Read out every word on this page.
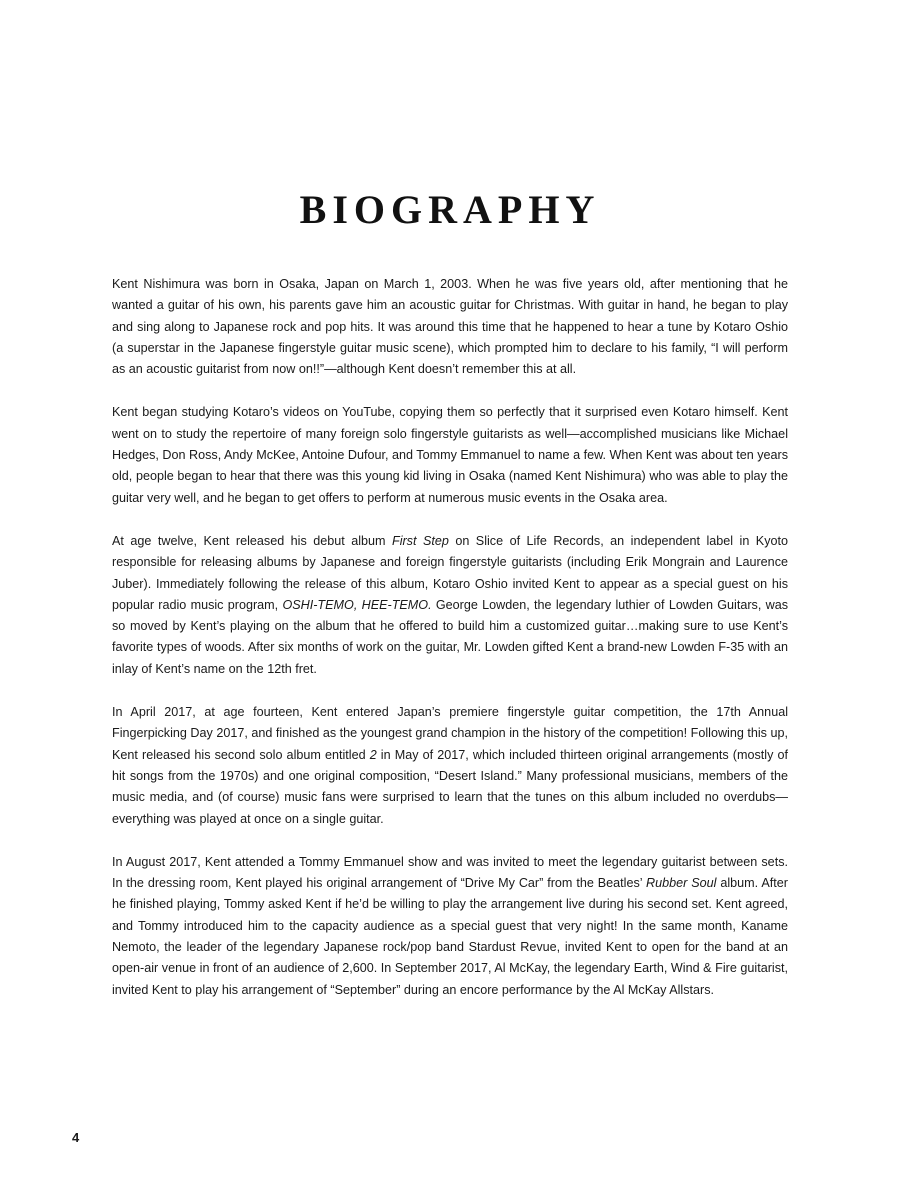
BIOGRAPHY

Kent Nishimura was born in Osaka, Japan on March 1, 2003. When he was five years old, after mentioning that he wanted a guitar of his own, his parents gave him an acoustic guitar for Christmas. With guitar in hand, he began to play and sing along to Japanese rock and pop hits. It was around this time that he happened to hear a tune by Kotaro Oshio (a superstar in the Japanese fingerstyle guitar music scene), which prompted him to declare to his family, “I will perform as an acoustic guitarist from now on!!”—although Kent doesn’t remember this at all.

Kent began studying Kotaro’s videos on YouTube, copying them so perfectly that it surprised even Kotaro himself. Kent went on to study the repertoire of many foreign solo fingerstyle guitarists as well—accomplished musicians like Michael Hedges, Don Ross, Andy McKee, Antoine Dufour, and Tommy Emmanuel to name a few. When Kent was about ten years old, people began to hear that there was this young kid living in Osaka (named Kent Nishimura) who was able to play the guitar very well, and he began to get offers to perform at numerous music events in the Osaka area.

At age twelve, Kent released his debut album First Step on Slice of Life Records, an independent label in Kyoto responsible for releasing albums by Japanese and foreign fingerstyle guitarists (including Erik Mongrain and Laurence Juber). Immediately following the release of this album, Kotaro Oshio invited Kent to appear as a special guest on his popular radio music program, OSHI-TEMO, HEE-TEMO. George Lowden, the legendary luthier of Lowden Guitars, was so moved by Kent’s playing on the album that he offered to build him a customized guitar…making sure to use Kent’s favorite types of woods. After six months of work on the guitar, Mr. Lowden gifted Kent a brand-new Lowden F-35 with an inlay of Kent’s name on the 12th fret.

In April 2017, at age fourteen, Kent entered Japan’s premiere fingerstyle guitar competition, the 17th Annual Fingerpicking Day 2017, and finished as the youngest grand champion in the history of the competition! Following this up, Kent released his second solo album entitled 2 in May of 2017, which included thirteen original arrangements (mostly of hit songs from the 1970s) and one original composition, “Desert Island.” Many professional musicians, members of the music media, and (of course) music fans were surprised to learn that the tunes on this album included no overdubs—everything was played at once on a single guitar.

In August 2017, Kent attended a Tommy Emmanuel show and was invited to meet the legendary guitarist between sets. In the dressing room, Kent played his original arrangement of “Drive My Car” from the Beatles’ Rubber Soul album. After he finished playing, Tommy asked Kent if he’d be willing to play the arrangement live during his second set. Kent agreed, and Tommy introduced him to the capacity audience as a special guest that very night! In the same month, Kaname Nemoto, the leader of the legendary Japanese rock/pop band Stardust Revue, invited Kent to open for the band at an open-air venue in front of an audience of 2,600. In September 2017, Al McKay, the legendary Earth, Wind & Fire guitarist, invited Kent to play his arrangement of “September” during an encore performance by the Al McKay Allstars.

4
